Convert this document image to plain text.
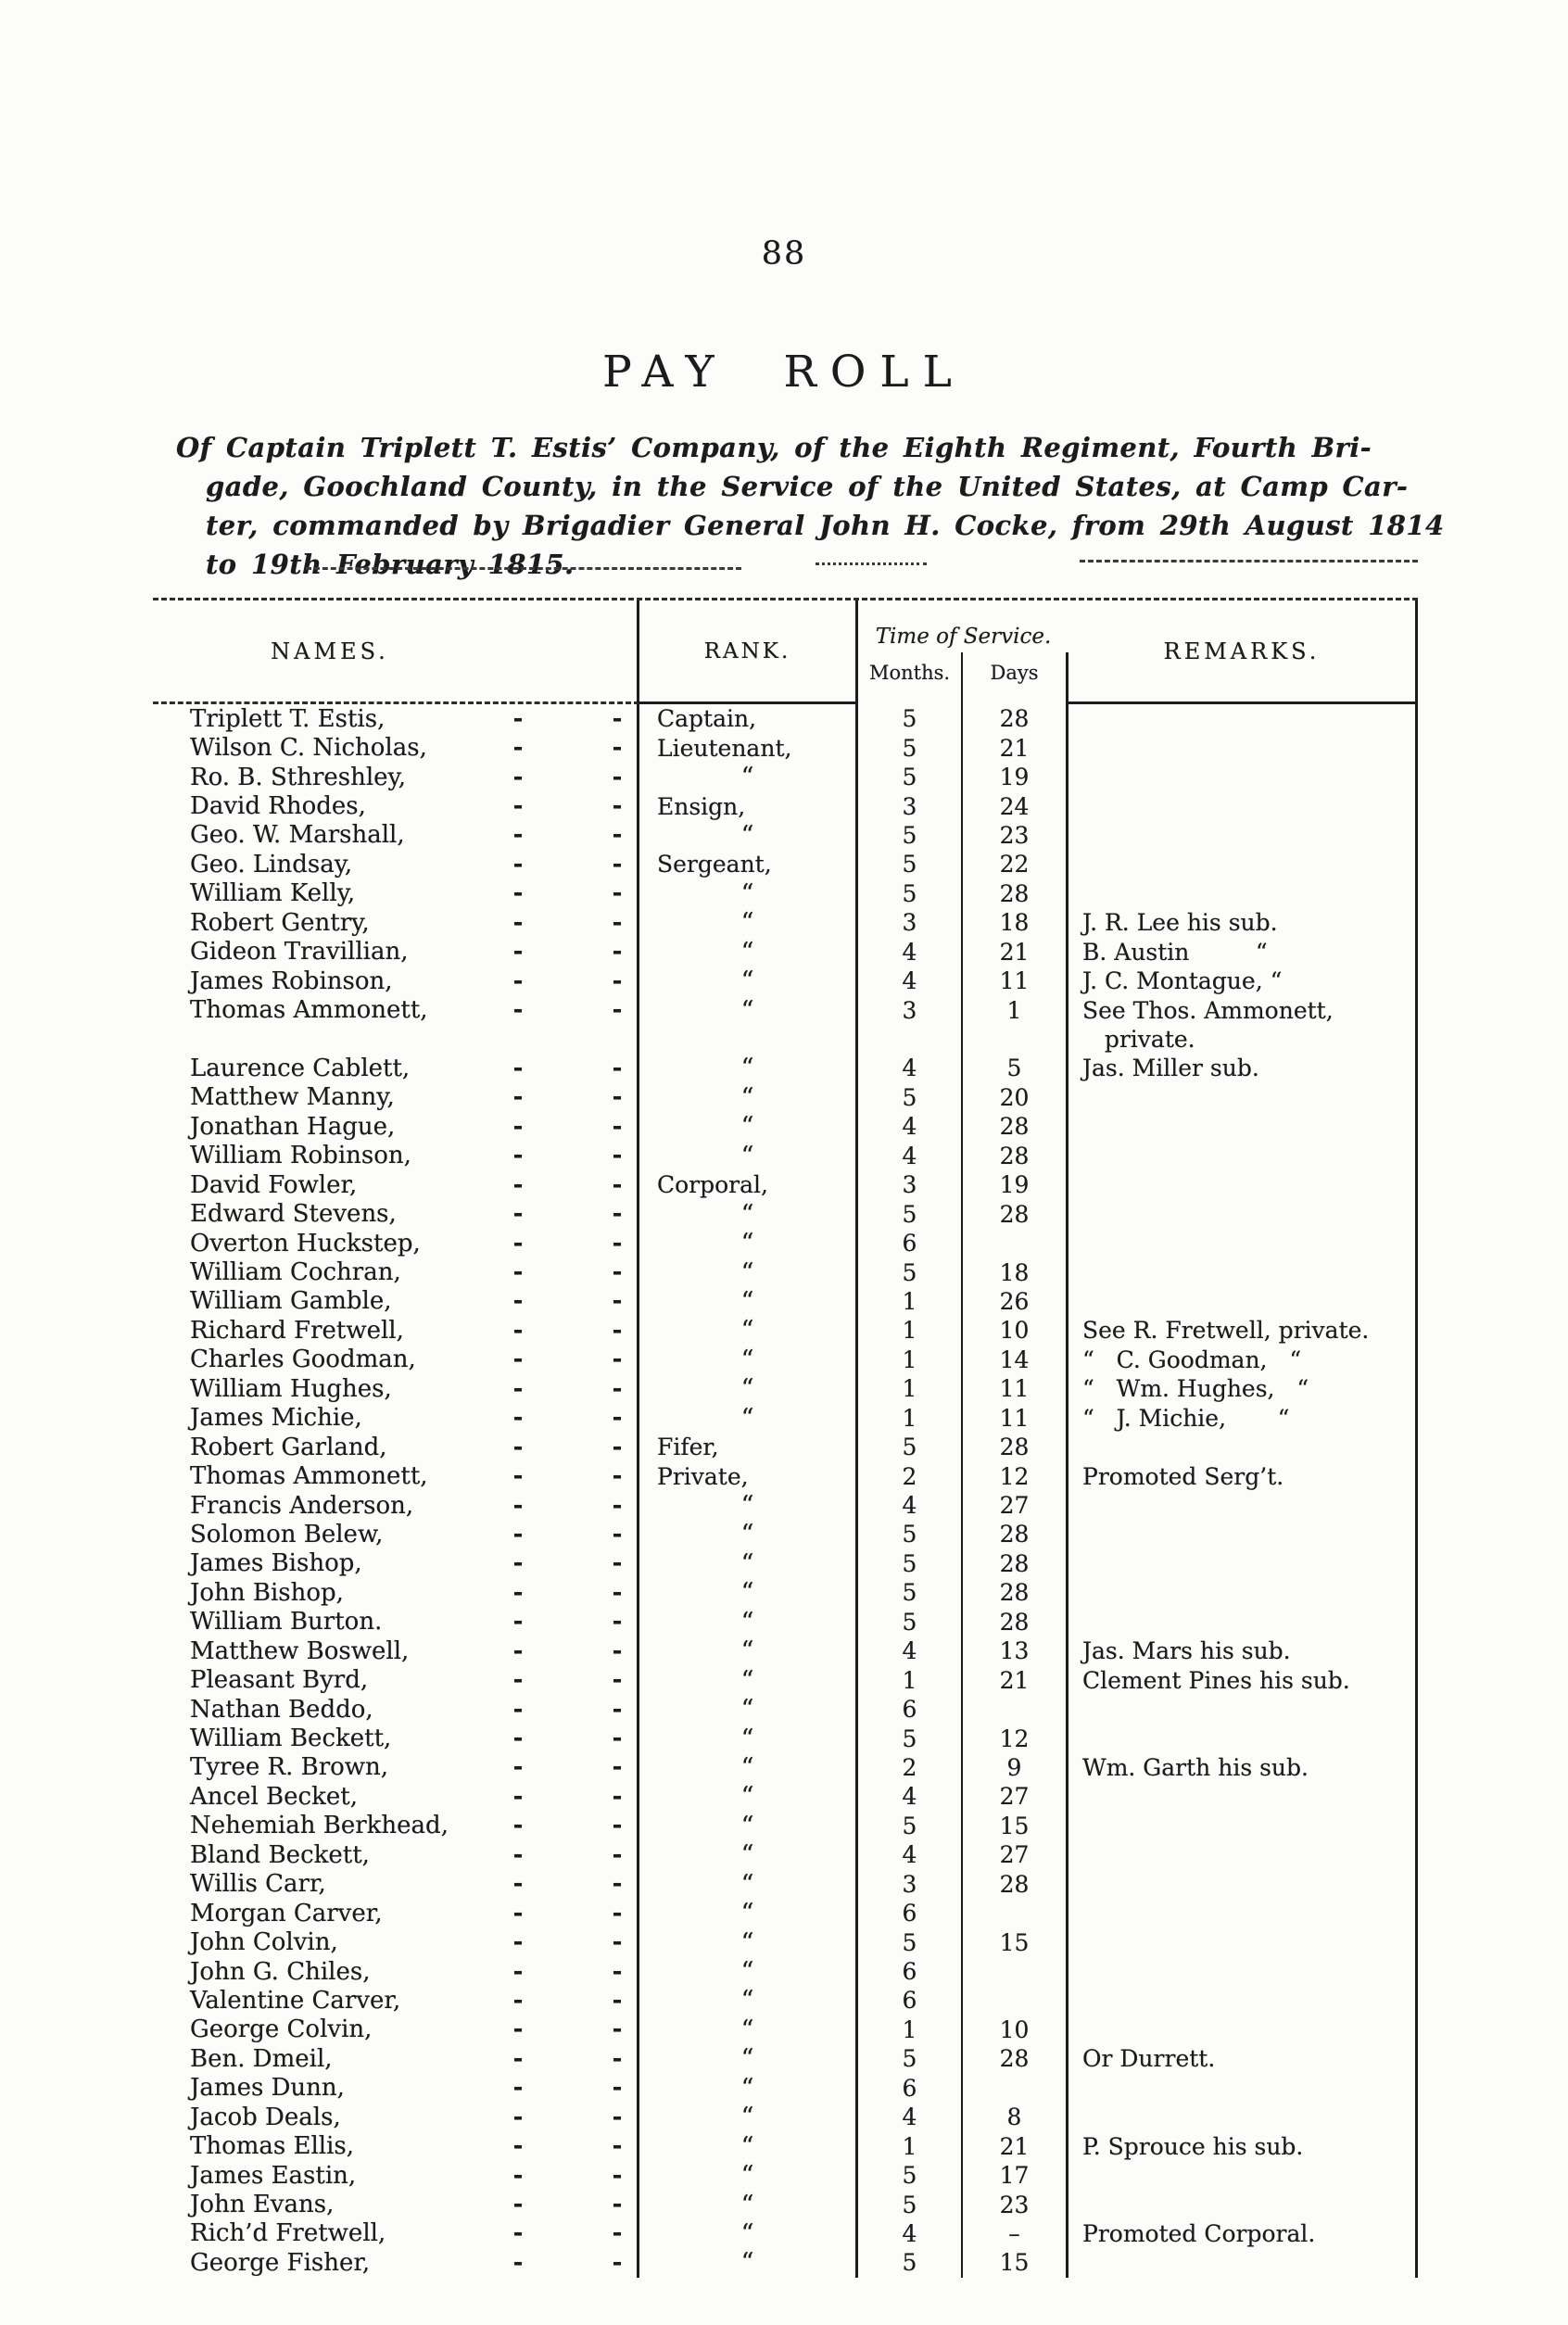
88
PAY ROLL
Of Captain Triplett T. Estis’ Company, of the Eighth Regiment, Fourth Bri-
gade, Goochland County, in the Service of the United States, at Camp Car-
ter, commanded by Brigadier General John H. Cocke, from 29th August 1814
to 19th February 1815.
NAMES.	RANK.
Time of Service.
Months.	Days
REMARKS.
Triplett T. Estis,	-	- Captain,	5	28
Wilson C. Nicholas,	-	- Lieutenant,	5	21
Ro. B. Sthreshley,	-	-	“	5	19
David Rhodes,	-	- Ensign,	3	24
Geo. W. Marshall,	-	-	“	5	23
Geo. Lindsay,	-	- Sergeant,	5	22
William Kelly,	-	-	“	5	28
Robert Gentry,	-	-	“	3	18 J. R. Lee his sub.
Gideon Travillian,	-	-	“	4	21 B. Austin         “
James Robinson,	-	-	“	4	11 J. C. Montague, “
Thomas Ammonett,	-	-	“	3	1	See Thos. Ammonett,
private.
Laurence Cablett,	-	-	“	4	5	Jas. Miller sub.
Matthew Manny,	-	-	“	5	20
Jonathan Hague,	-	-	“	4	28
William Robinson,	-	-	“	4	28
David Fowler,	-	- Corporal,	3	19
Edward Stevens,	-	-	“	5	28
Overton Huckstep,	-	-	“	6
William Cochran,	-	-	“	5	18
William Gamble,	-	-	“	1	26
Richard Fretwell,	-	-	“	1	10 See R. Fretwell, private.
Charles Goodman,	-	-	“	1	14 “   C. Goodman,   “
William Hughes,	-	-	“	1	11 “   Wm. Hughes,   “
James Michie,	-	-	“	1	11 “   J. Michie,       “
Robert Garland,	-	- Fifer,	5	28
Thomas Ammonett,	-	- Private,	2	12 Promoted Serg’t.
Francis Anderson,	-	-	“	4	27
Solomon Belew,	-	-	“	5	28
James Bishop,	-	-	“	5	28
John Bishop,	-	-	“	5	28
William Burton.	-	-	“	5	28
Matthew Boswell,	-	-	“	4	13 Jas. Mars his sub.
Pleasant Byrd,	-	-	“	1	21 Clement Pines his sub.
Nathan Beddo,	-	-	“	6
William Beckett,	-	-	“	5	12
Tyree R. Brown,	-	-	“	2	9	Wm. Garth his sub.
Ancel Becket,	-	-	“	4	27
Nehemiah Berkhead,	-	-	“	5	15
Bland Beckett,	-	-	“	4	27
Willis Carr,	-	-	“	3	28
Morgan Carver,	-	-	“	6
John Colvin,	-	-	“	5	15
John G. Chiles,	-	-	“	6
Valentine Carver,	-	-	“	6
George Colvin,	-	-	“	1	10
Ben. Dmeil,	-	-	“	5	28 Or Durrett.
James Dunn,	-	-	“	6
Jacob Deals,	-	-	“	4	8
Thomas Ellis,	-	-	“	1	21 P. Sprouce his sub.
James Eastin,	-	-	“	5	17
John Evans,	-	-	“	5	23
Rich’d Fretwell,	-	-	“	4	–	Promoted Corporal.
George Fisher,	-	-	“	5	15
